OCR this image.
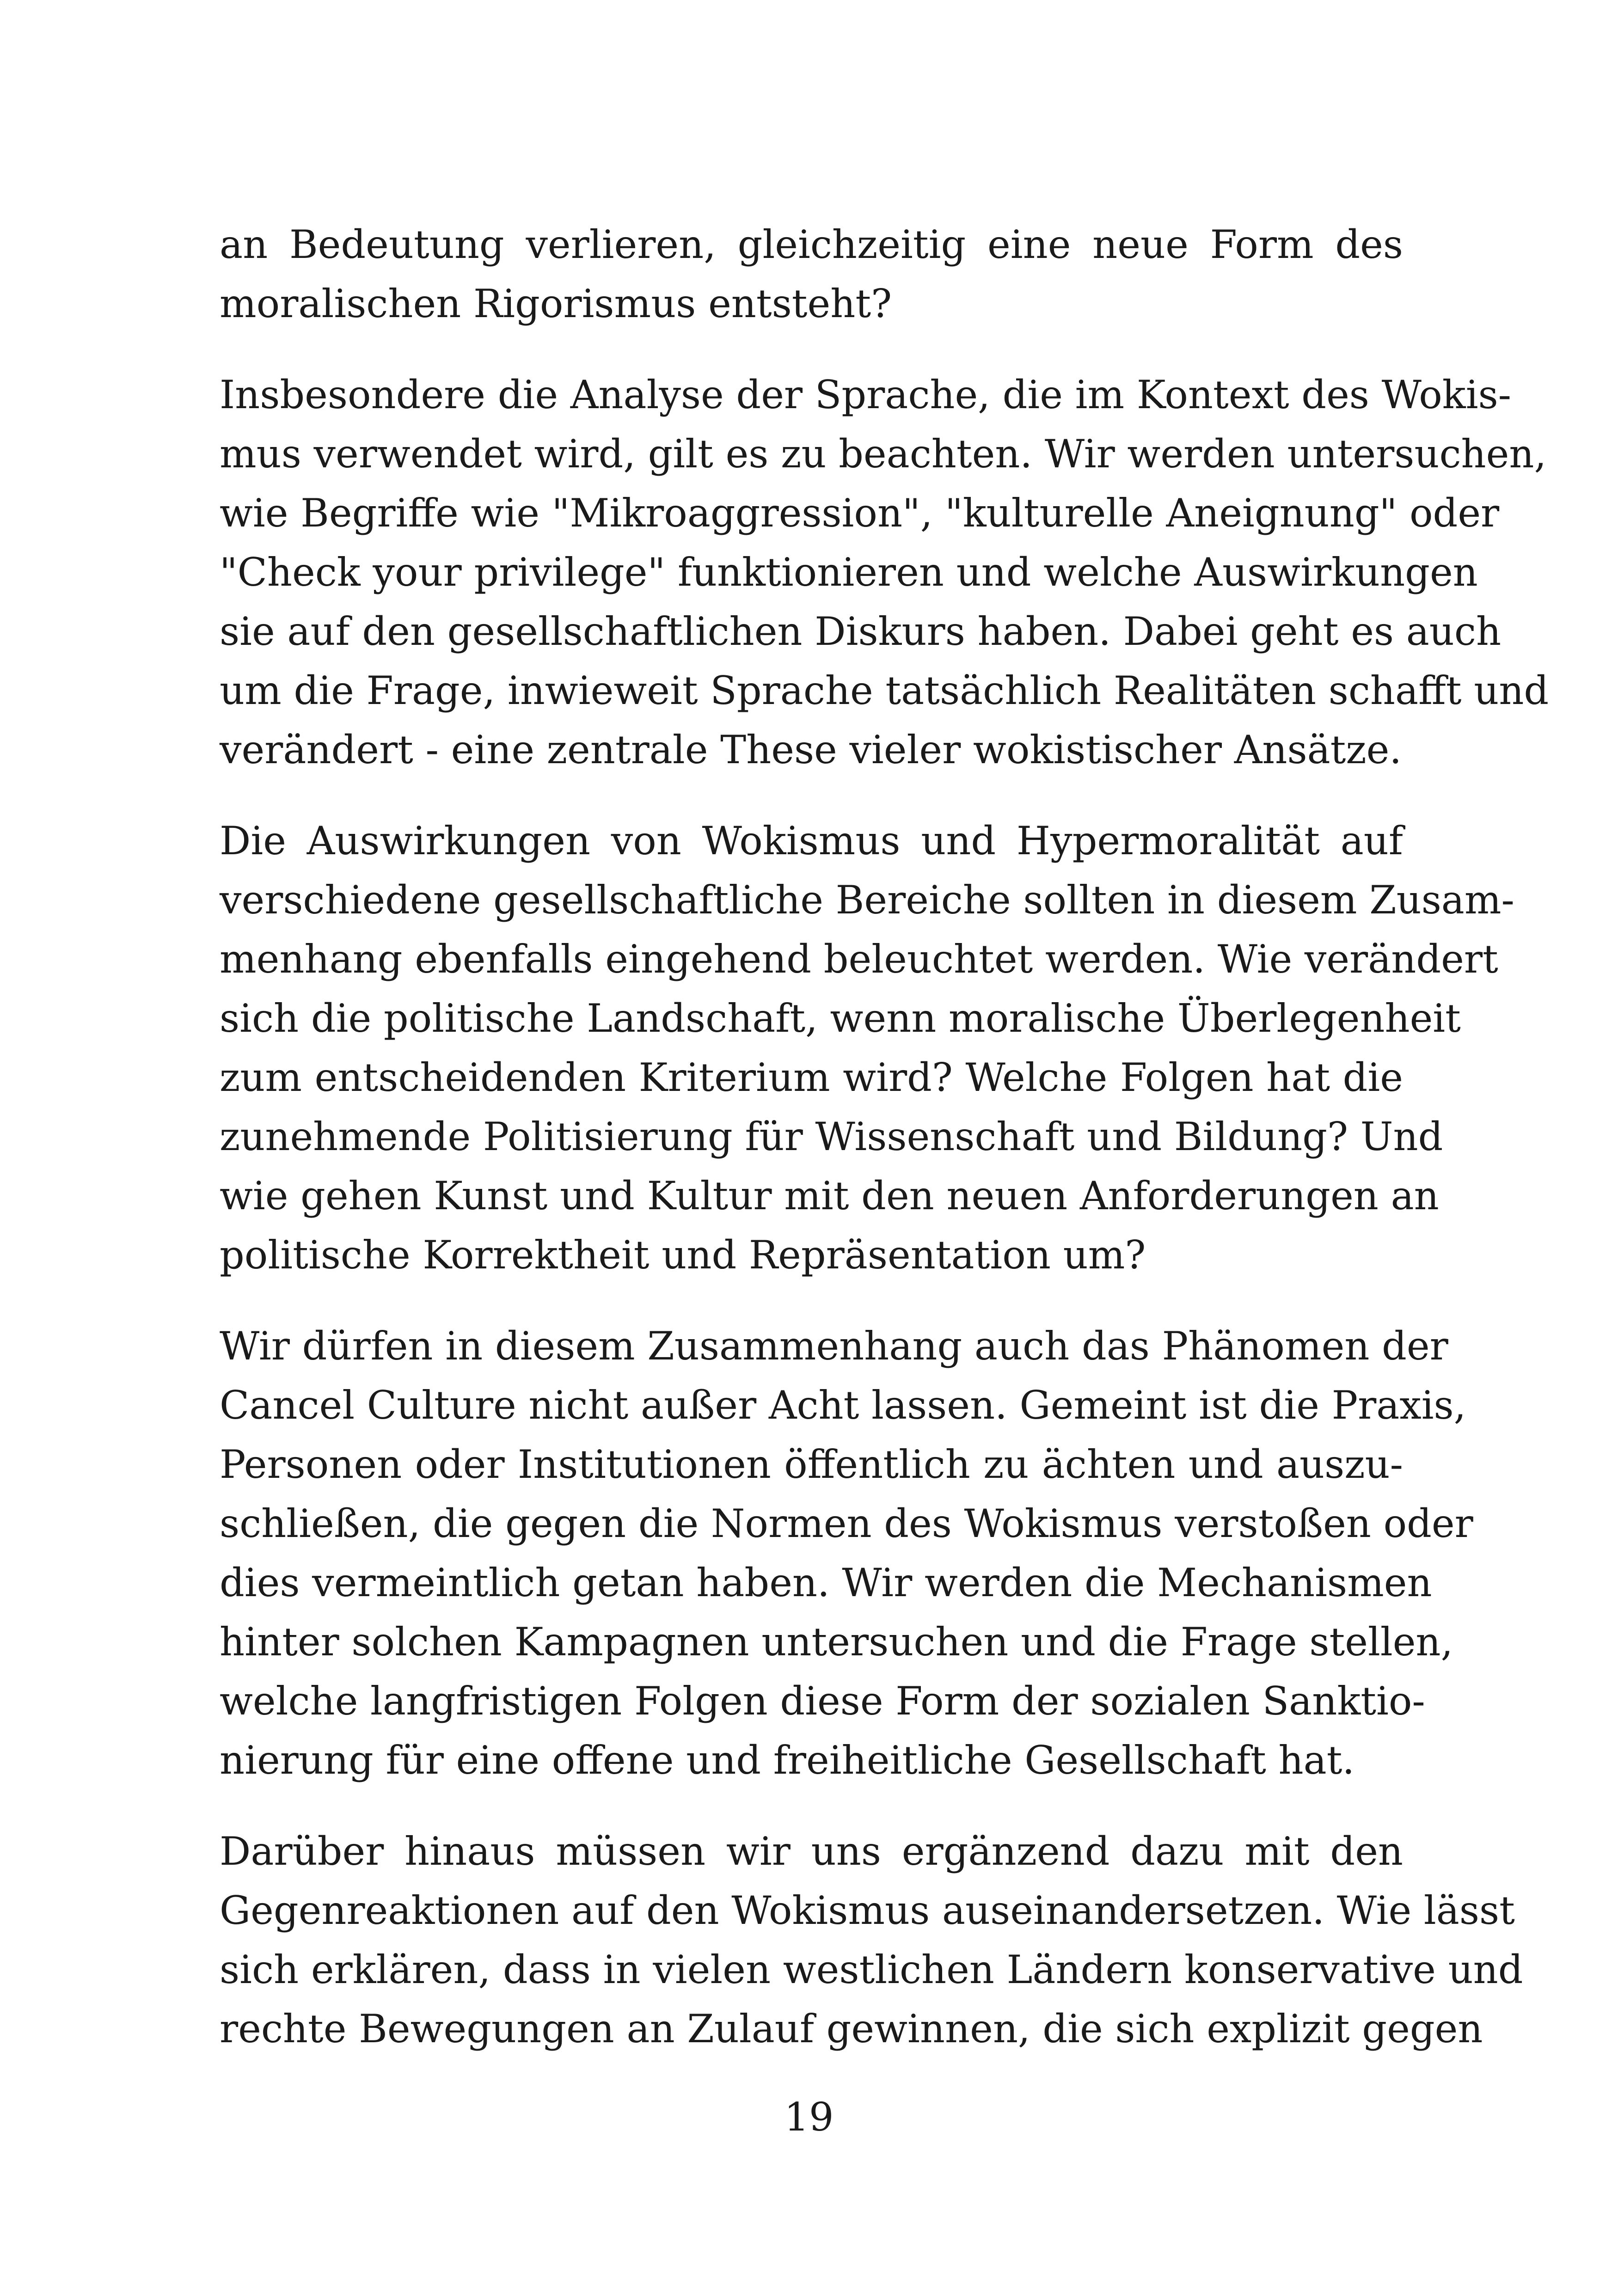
an Bedeutung verlieren, gleichzeitig eine neue Form des
moralischen Rigorismus entsteht?
Insbesondere die Analyse der Sprache, die im Kontext des Wokis-
mus verwendet wird, gilt es zu beachten. Wir werden untersuchen,
wie Begriffe wie "Mikroaggression", "kulturelle Aneignung" oder
"Check your privilege" funktionieren und welche Auswirkungen
sie auf den gesellschaftlichen Diskurs haben. Dabei geht es auch
um die Frage, inwieweit Sprache tatsächlich Realitäten schafft und
verändert - eine zentrale These vieler wokistischer Ansätze.
Die Auswirkungen von Wokismus und Hypermoralität auf
verschiedene gesellschaftliche Bereiche sollten in diesem Zusam-
menhang ebenfalls eingehend beleuchtet werden. Wie verändert
sich die politische Landschaft, wenn moralische Überlegenheit
zum entscheidenden Kriterium wird? Welche Folgen hat die
zunehmende Politisierung für Wissenschaft und Bildung? Und
wie gehen Kunst und Kultur mit den neuen Anforderungen an
politische Korrektheit und Repräsentation um?
Wir dürfen in diesem Zusammenhang auch das Phänomen der
Cancel Culture nicht außer Acht lassen. Gemeint ist die Praxis,
Personen oder Institutionen öffentlich zu ächten und auszu-
schließen, die gegen die Normen des Wokismus verstoßen oder
dies vermeintlich getan haben. Wir werden die Mechanismen
hinter solchen Kampagnen untersuchen und die Frage stellen,
welche langfristigen Folgen diese Form der sozialen Sanktio-
nierung für eine offene und freiheitliche Gesellschaft hat.
Darüber hinaus müssen wir uns ergänzend dazu mit den
Gegenreaktionen auf den Wokismus auseinandersetzen. Wie lässt
sich erklären, dass in vielen westlichen Ländern konservative und
rechte Bewegungen an Zulauf gewinnen, die sich explizit gegen
19
